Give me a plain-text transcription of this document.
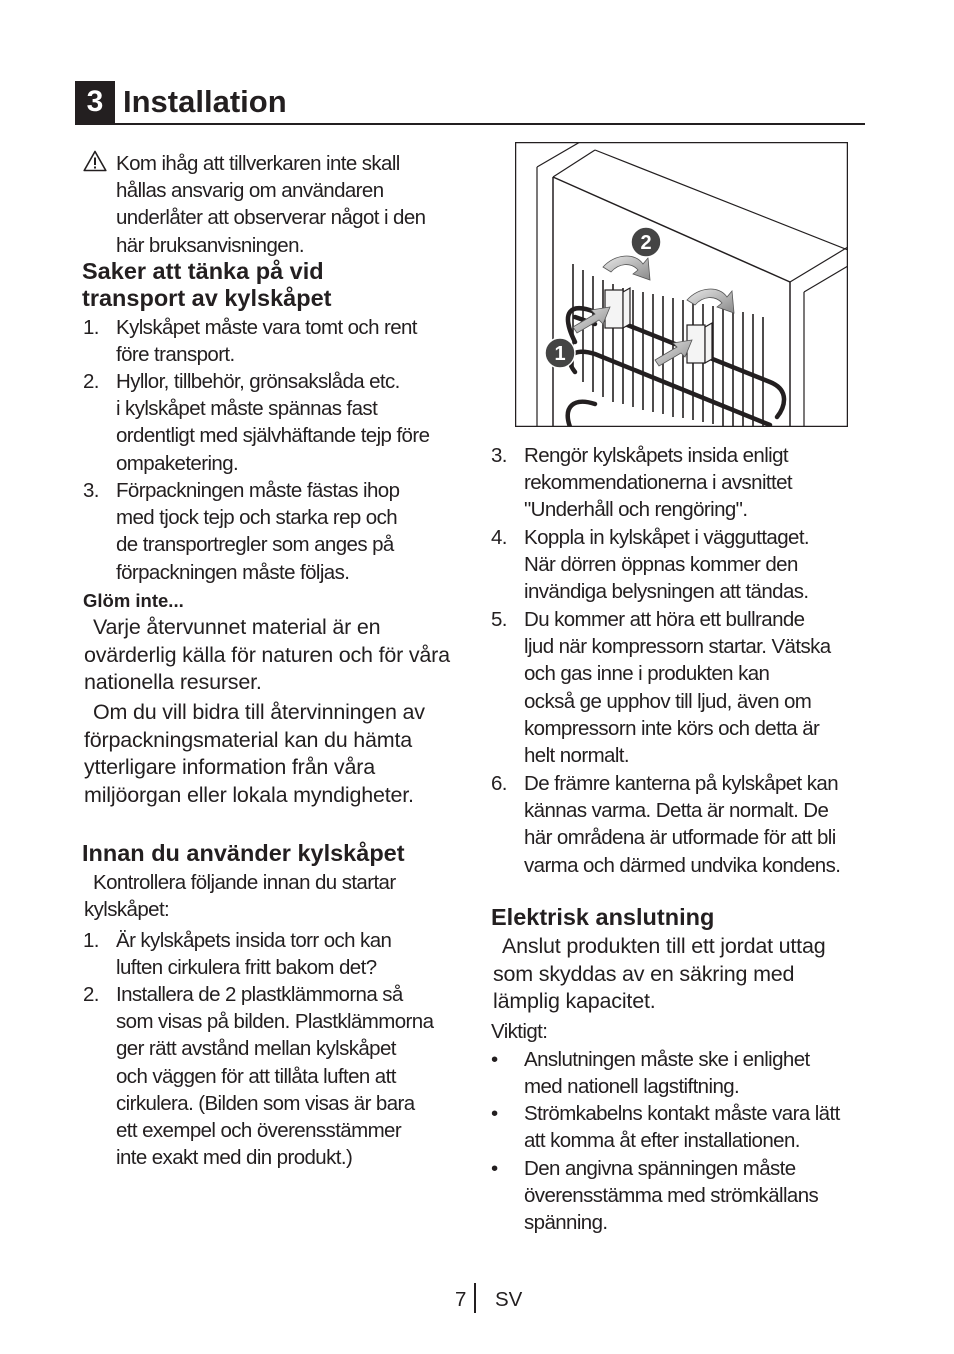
3 Installation
Kom ihåg att tillverkaren inte skall
hållas ansvarig om användaren
underlåter att observerar något i den
här bruksanvisningen.
Saker att tänka på vid
transport av kylskåpet
1. Kylskåpet måste vara tomt och rent
före transport.
2. Hyllor, tillbehör, grönsakslåda etc.
i kylskåpet måste spännas fast
ordentligt med självhäftande tejp före
ompaketering.
3. Förpackningen måste fästas ihop
med tjock tejp och starka rep och
de transportregler som anges på
förpackningen måste följas.
Glöm inte...
Varje återvunnet material är en
ovärderlig källa för naturen och för våra
nationella resurser.
Om du vill bidra till återvinningen av
förpackningsmaterial kan du hämta
ytterligare information från våra
miljöorgan eller lokala myndigheter.
Innan du använder kylskåpet
Kontrollera följande innan du startar
kylskåpet:
1. Är kylskåpets insida torr och kan
luften cirkulera fritt bakom det?
2. Installera de 2 plastklämmorna så
som visas på bilden. Plastklämmorna
ger rätt avstånd mellan kylskåpet
och väggen för att tillåta luften att
cirkulera. (Bilden som visas är bara
ett exempel och överensstämmer
inte exakt med din produkt.)
1
2
3. Rengör kylskåpets insida enligt
rekommendationerna i avsnittet
"Underhåll och rengöring".
4. Koppla in kylskåpet i vägguttaget.
När dörren öppnas kommer den
invändiga belysningen att tändas.
5. Du kommer att höra ett bullrande
ljud när kompressorn startar. Vätska
och gas inne i produkten kan
också ge upphov till ljud, även om
kompressorn inte körs och detta är
helt normalt.
6. De främre kanterna på kylskåpet kan
kännas varma. Detta är normalt. De
här områdena är utformade för att bli
varma och därmed undvika kondens.
Elektrisk anslutning
Anslut produkten till ett jordat uttag
som skyddas av en säkring med
lämplig kapacitet.
Viktigt:
• Anslutningen måste ske i enlighet
med nationell lagstiftning.
• Strömkabelns kontakt måste vara lätt
att komma åt efter installationen.
• Den angivna spänningen måste
överensstämma med strömkällans
spänning.
7 SV
